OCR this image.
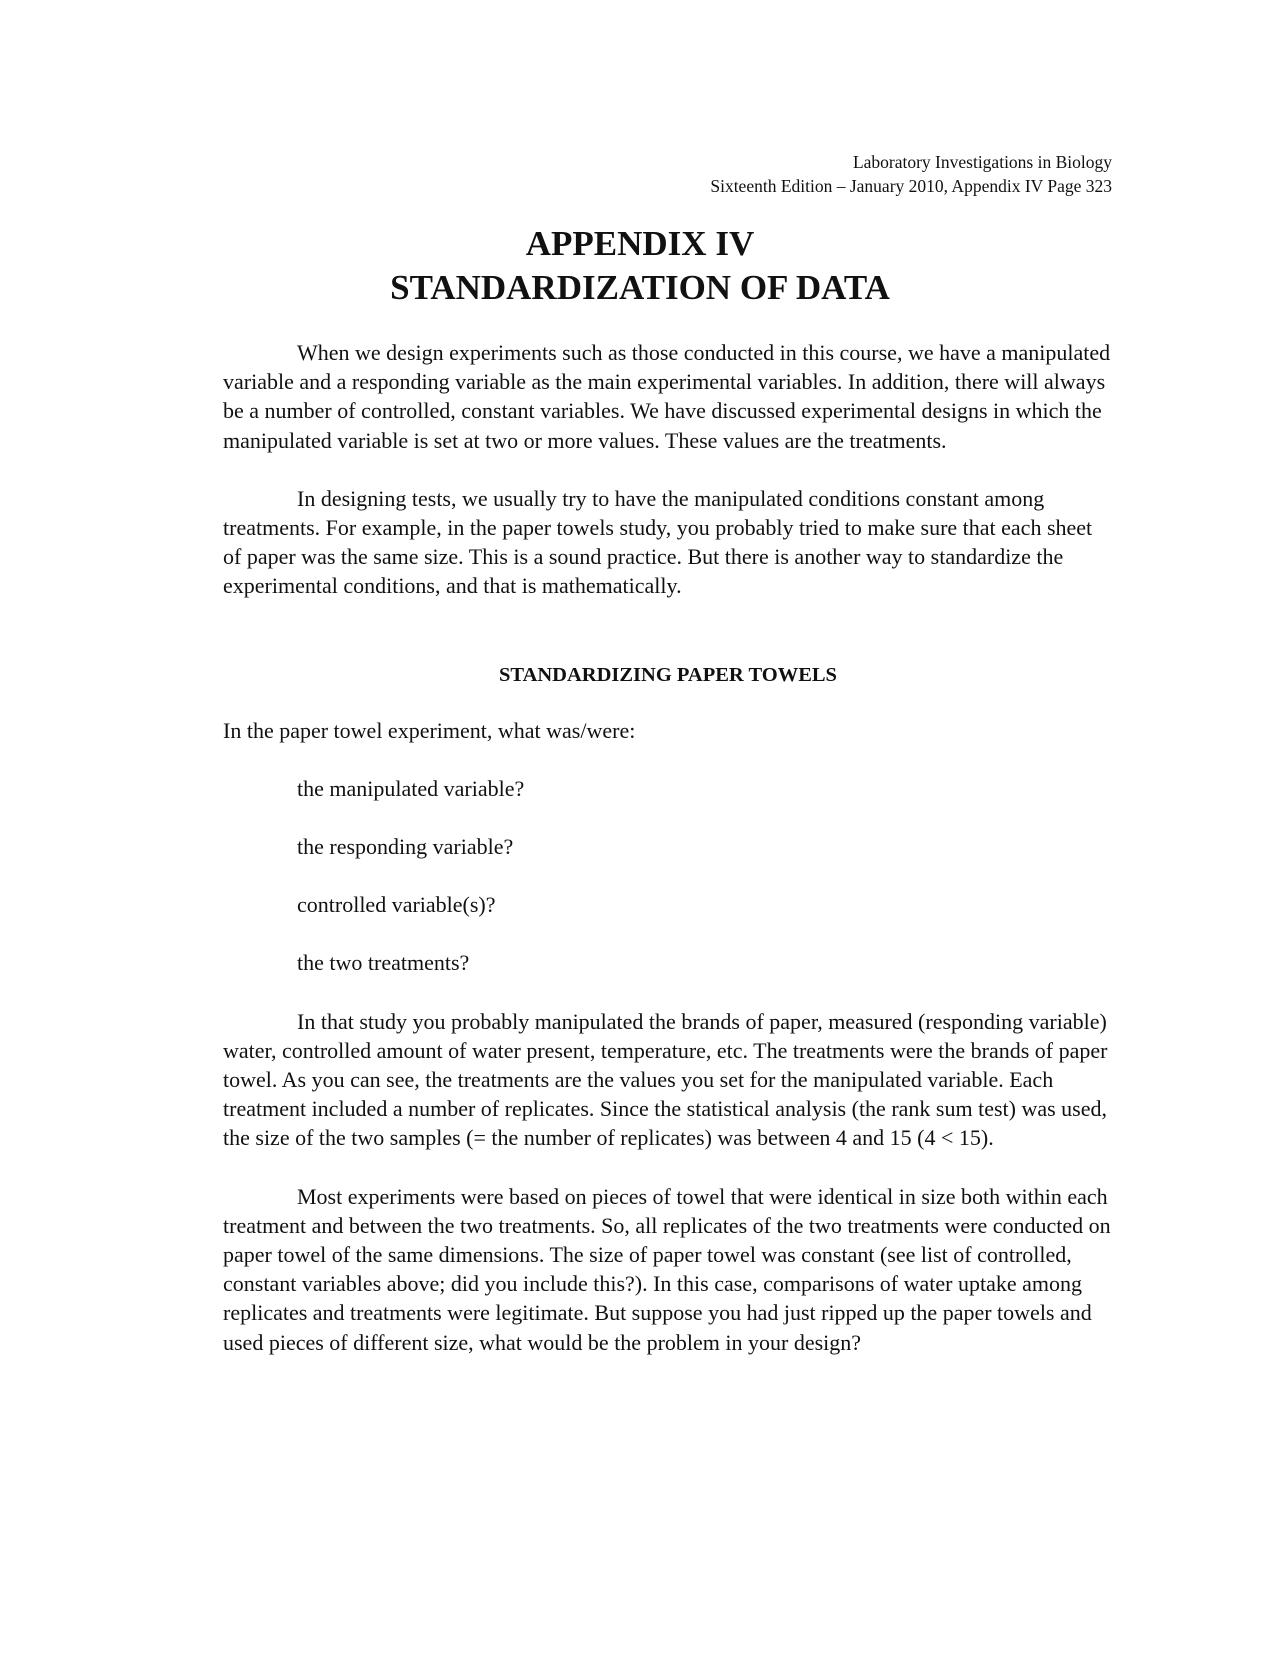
Laboratory Investigations in Biology
Sixteenth Edition – January 2010, Appendix IV Page 323
APPENDIX IV
STANDARDIZATION OF DATA

When we design experiments such as those conducted in this course, we have a manipulated variable and a responding variable as the main experimental variables. In addition, there will always be a number of controlled, constant variables. We have discussed experimental designs in which the manipulated variable is set at two or more values. These values are the treatments.

In designing tests, we usually try to have the manipulated conditions constant among treatments. For example, in the paper towels study, you probably tried to make sure that each sheet of paper was the same size. This is a sound practice. But there is another way to standardize the experimental conditions, and that is mathematically.

STANDARDIZING PAPER TOWELS

In the paper towel experiment, what was/were:

the manipulated variable?
the responding variable?
controlled variable(s)?
the two treatments?

In that study you probably manipulated the brands of paper, measured (responding variable) water, controlled amount of water present, temperature, etc. The treatments were the brands of paper towel. As you can see, the treatments are the values you set for the manipulated variable. Each treatment included a number of replicates. Since the statistical analysis (the rank sum test) was used, the size of the two samples (= the number of replicates) was between 4 and 15 (4 < 15).

Most experiments were based on pieces of towel that were identical in size both within each treatment and between the two treatments. So, all replicates of the two treatments were conducted on paper towel of the same dimensions. The size of paper towel was constant (see list of controlled, constant variables above; did you include this?). In this case, comparisons of water uptake among replicates and treatments were legitimate. But suppose you had just ripped up the paper towels and used pieces of different size, what would be the problem in your design?
